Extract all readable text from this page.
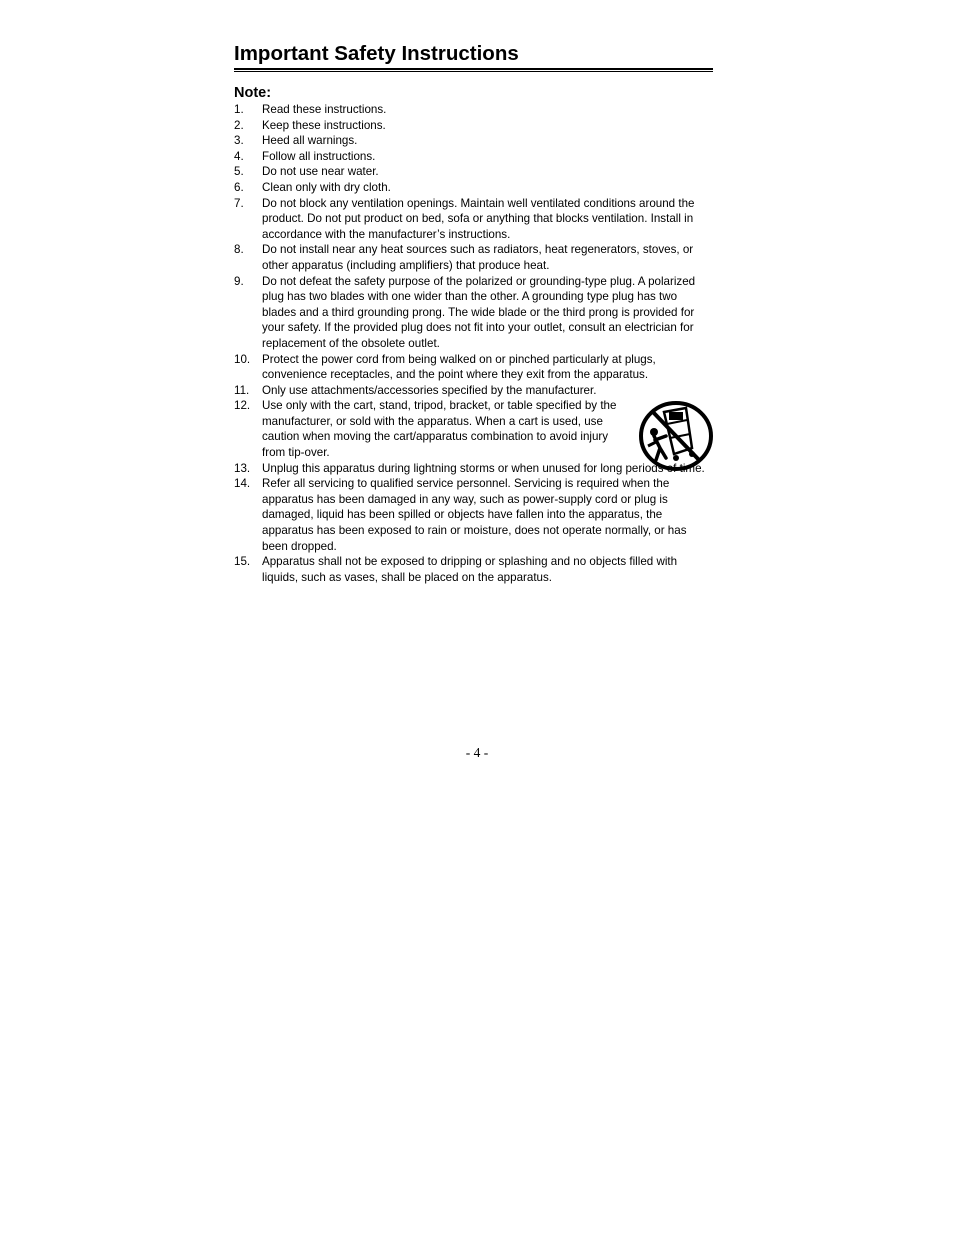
Important Safety Instructions
Note:
1.	Read these instructions.
2.	Keep these instructions.
3.	Heed all warnings.
4.	Follow all instructions.
5.	Do not use near water.
6.	Clean only with dry cloth.
7.	Do not block any ventilation openings. Maintain well ventilated conditions around the product. Do not put product on bed, sofa or anything that blocks ventilation. Install in accordance with the manufacturer’s instructions.
8.	Do not install near any heat sources such as radiators, heat regenerators, stoves, or other apparatus (including amplifiers) that produce heat.
9.	Do not defeat the safety purpose of the polarized or grounding-type plug. A polarized plug has two blades with one wider than the other. A grounding type plug has two blades and a third grounding prong. The wide blade or the third prong is provided for your safety. If the provided plug does not fit into your outlet, consult an electrician for replacement of the obsolete outlet.
10.	Protect the power cord from being walked on or pinched particularly at plugs, convenience receptacles, and the point where they exit from the apparatus.
11.	Only use attachments/accessories specified by the manufacturer.
12.	Use only with the cart, stand, tripod, bracket, or table specified by the manufacturer, or sold with the apparatus. When a cart is used, use caution when moving the cart/apparatus combination to avoid injury from tip-over.
13.	Unplug this apparatus during lightning storms or when unused for long periods of time.
14.	Refer all servicing to qualified service personnel. Servicing is required when the apparatus has been damaged in any way, such as power-supply cord or plug is damaged, liquid has been spilled or objects have fallen into the apparatus, the apparatus has been exposed to rain or moisture, does not operate normally, or has been dropped.
15.	Apparatus shall not be exposed to dripping or splashing and no objects filled with liquids, such as vases, shall be placed on the apparatus.
- 4 -
